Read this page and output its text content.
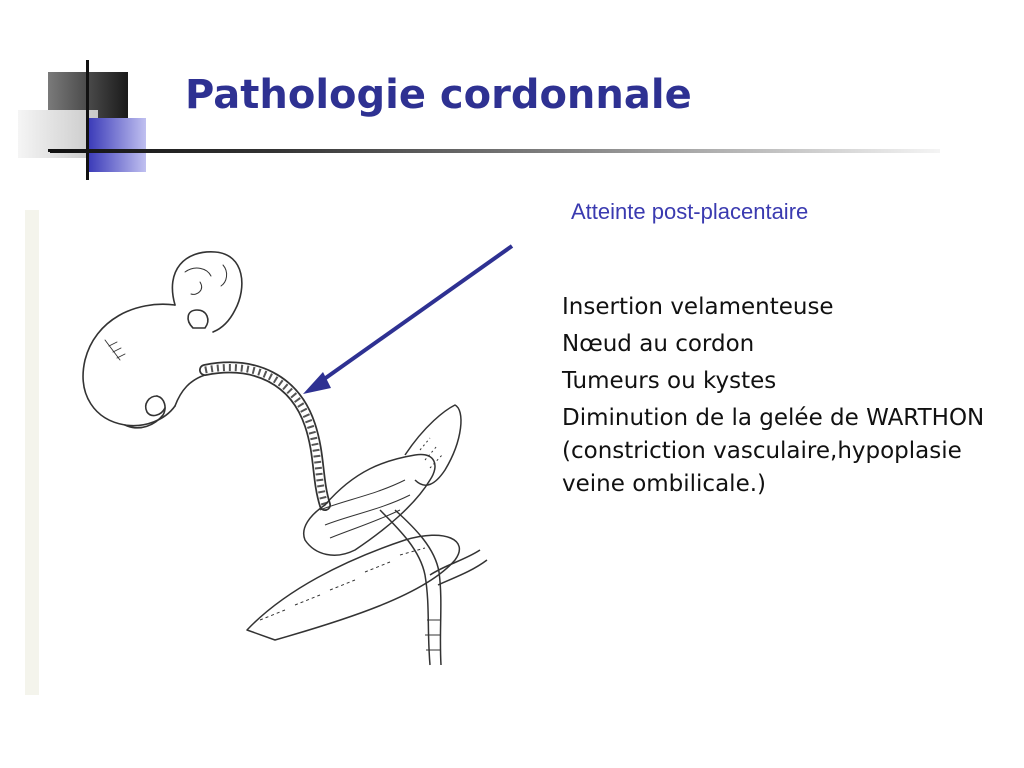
Pathologie cordonnale

Atteinte post-placentaire

Insertion velamenteuse
Nœud au cordon
Tumeurs ou kystes
Diminution de la gelée de WARTHON (constriction vasculaire,hypoplasie veine ombilicale.)
